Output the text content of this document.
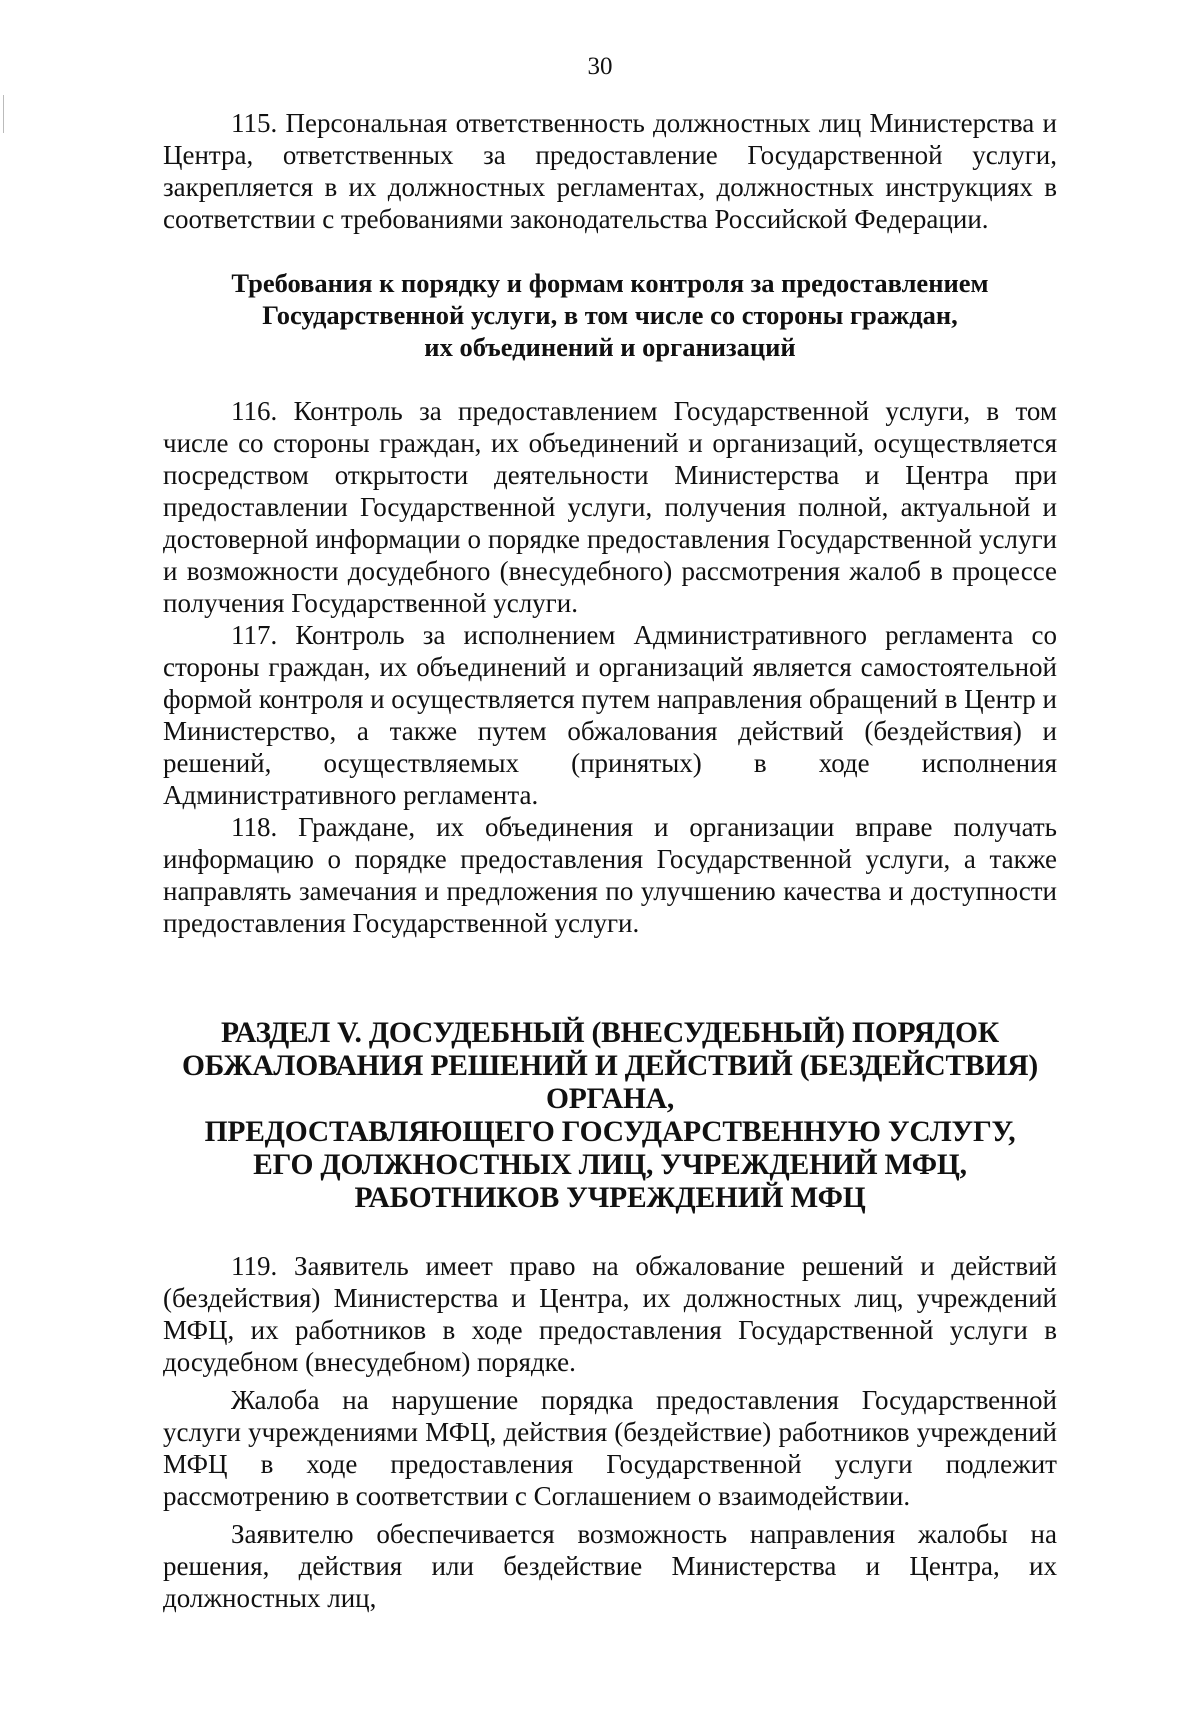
30

115. Персональная ответственность должностных лиц Министерства и Центра, ответственных за предоставление Государственной услуги, закрепляется в их должностных регламентах, должностных инструкциях в соответствии с требованиями законодательства Российской Федерации.

Требования к порядку и формам контроля за предоставлением
Государственной услуги, в том числе со стороны граждан,
их объединений и организаций

116. Контроль за предоставлением Государственной услуги, в том числе со стороны граждан, их объединений и организаций, осуществляется посредством открытости деятельности Министерства и Центра при предоставлении Государственной услуги, получения полной, актуальной и достоверной информации о порядке предоставления Государственной услуги и возможности досудебного (внесудебного) рассмотрения жалоб в процессе получения Государственной услуги.

117. Контроль за исполнением Административного регламента со стороны граждан, их объединений и организаций является самостоятельной формой контроля и осуществляется путем направления обращений в Центр и Министерство, а также путем обжалования действий (бездействия) и решений, осуществляемых (принятых) в ходе исполнения Административного регламента.

118. Граждане, их объединения и организации вправе получать информацию о порядке предоставления Государственной услуги, а также направлять замечания и предложения по улучшению качества и доступности предоставления Государственной услуги.

РАЗДЕЛ V. ДОСУДЕБНЫЙ (ВНЕСУДЕБНЫЙ) ПОРЯДОК
ОБЖАЛОВАНИЯ РЕШЕНИЙ И ДЕЙСТВИЙ (БЕЗДЕЙСТВИЯ) ОРГАНА,
ПРЕДОСТАВЛЯЮЩЕГО ГОСУДАРСТВЕННУЮ УСЛУГУ,
ЕГО ДОЛЖНОСТНЫХ ЛИЦ, УЧРЕЖДЕНИЙ МФЦ,
РАБОТНИКОВ УЧРЕЖДЕНИЙ МФЦ

119. Заявитель имеет право на обжалование решений и действий (бездействия) Министерства и Центра, их должностных лиц, учреждений МФЦ, их работников в ходе предоставления Государственной услуги в досудебном (внесудебном) порядке.

Жалоба на нарушение порядка предоставления Государственной услуги учреждениями МФЦ, действия (бездействие) работников учреждений МФЦ в ходе предоставления Государственной услуги подлежит рассмотрению в соответствии с Соглашением о взаимодействии.

Заявителю обеспечивается возможность направления жалобы на решения, действия или бездействие Министерства и Центра, их должностных лиц,
